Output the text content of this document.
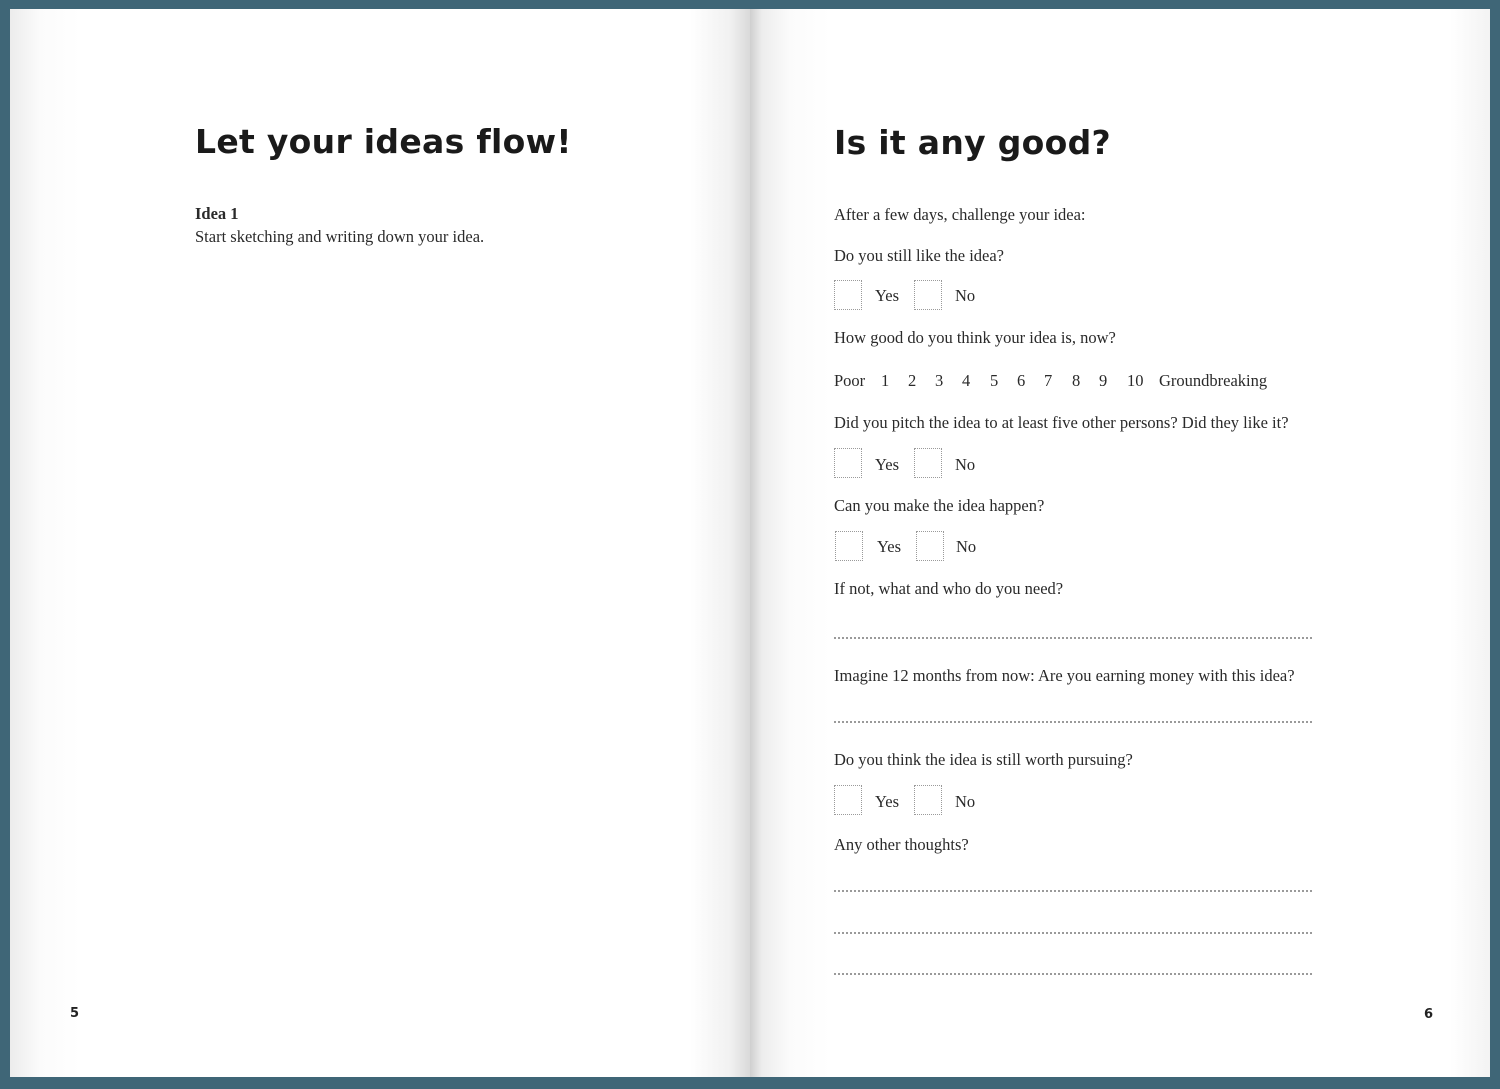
Let your ideas flow!
Idea 1
Start sketching and writing down your idea.
5
Is it any good?
After a few days, challenge your idea:
Do you still like the idea?
Yes	No
How good do you think your idea is, now?
Poor 1 2 3 4 5 6 7 8 9 10 Groundbreaking
Did you pitch the idea to at least five other persons? Did they like it?
Yes	No
Can you make the idea happen?
Yes	No
If not, what and who do you need?
Imagine 12 months from now: Are you earning money with this idea?
Do you think the idea is still worth pursuing?
Yes	No
Any other thoughts?
6
